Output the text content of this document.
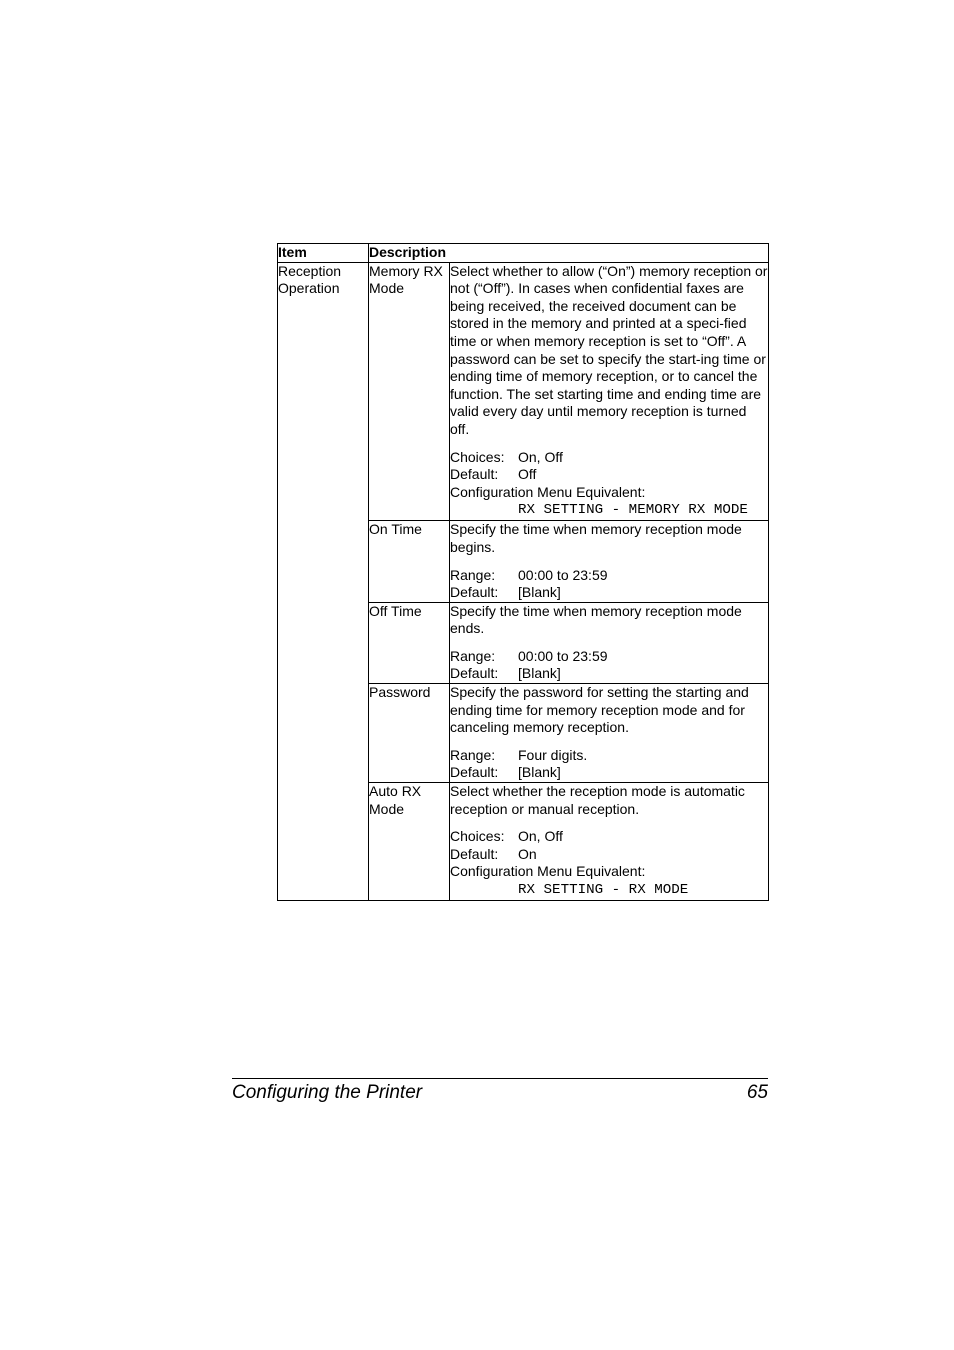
Item	Description	
Reception Operation	Memory RX Mode	Select whether to allow (“On”) memory reception or not (“Off”). In cases when confidential faxes are being received, the received document can be stored in the memory and printed at a speci-fied time or when memory reception is set to “Off”. A password can be set to specify the start-ing time or ending time of memory reception, or to cancel the function. The set starting time and ending time are valid every day until memory reception is turned off.

Choices: On, Off
Default: Off
Configuration Menu Equivalent:
RX SETTING - MEMORY RX MODE

	On Time	Specify the time when memory reception mode begins.

Range: 00:00 to 23:59
Default: [Blank]

	Off Time	Specify the time when memory reception mode ends.

Range: 00:00 to 23:59
Default: [Blank]

	Password	Specify the password for setting the starting and ending time for memory reception mode and for canceling memory reception.

Range: Four digits.
Default: [Blank]

	Auto RX Mode	Select whether the reception mode is automatic reception or manual reception.

Choices: On, Off
Default: On
Configuration Menu Equivalent:
RX SETTING - RX MODE
Configuring the Printer	65
